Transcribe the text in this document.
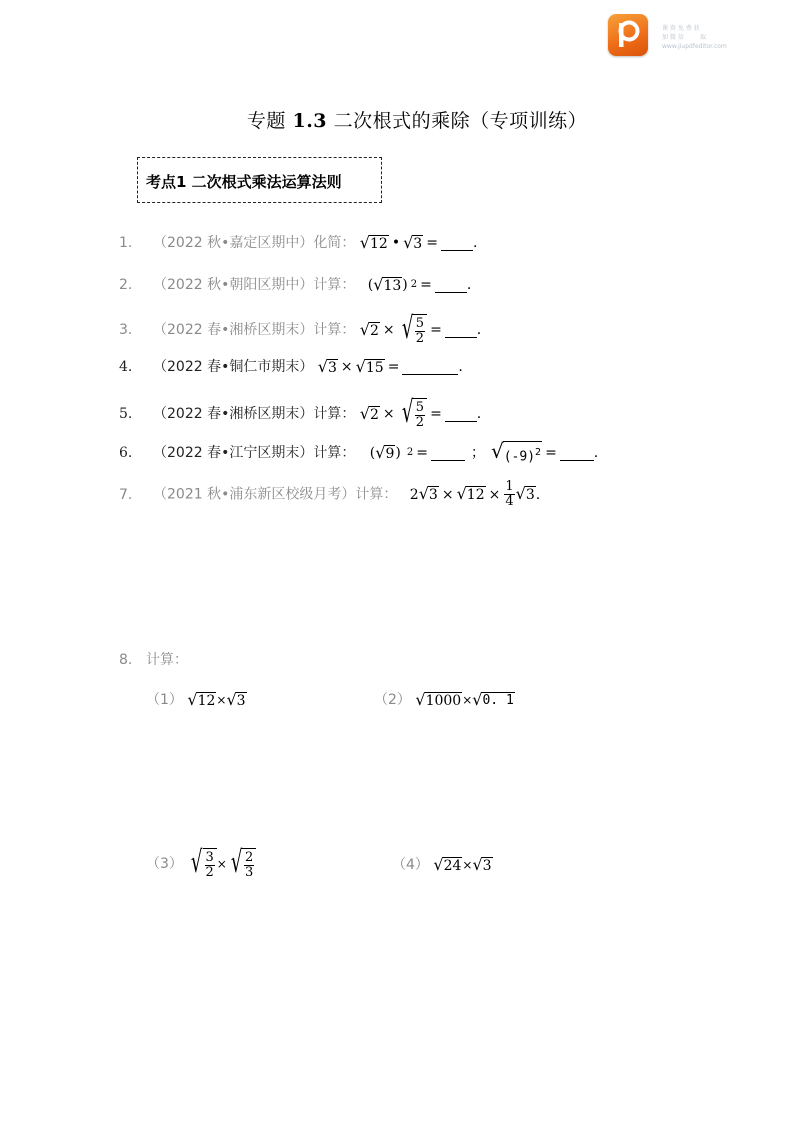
课 资 免 费 获
取
加 微 信
www.jiupdfeditor.com
专题 1.3 二次根式的乘除（专项训练）
考点1 二次根式乘法运算法则
1. （2022 秋•嘉定区期中）化简： √ 12 • √ 3 =	.
2. （2022 秋•朝阳区期中）计算： ( √ 13 ) 2 =	.
3. （2022 春•湘桥区期末）计算： √ 2 × √ $\frac{5}{2}$ =	.
4. （2022 春•铜仁市期末） √ 3 × √ 15 =	.
5. （2022 春•湘桥区期末）计算： √ 2 × √ $\frac{5}{2}$ =	.
6. （2022 春•江宁区期末）计算： ( √ 9 ) 2 =	； √ $(-9)^2$ =	.
7. （2021 秋•浦东新区校级月考）计算： 2 √ 3 × √ $12 \times \frac{1}{4}$ √ 3 .
8. 计算：
（1） √ 12 × √ 3	（2） √ 1000 × √ 0. 1
（3） √ $\frac{3}{2}$ × √ $\frac{2}{3}$	（4） √ 24 × √ 3
